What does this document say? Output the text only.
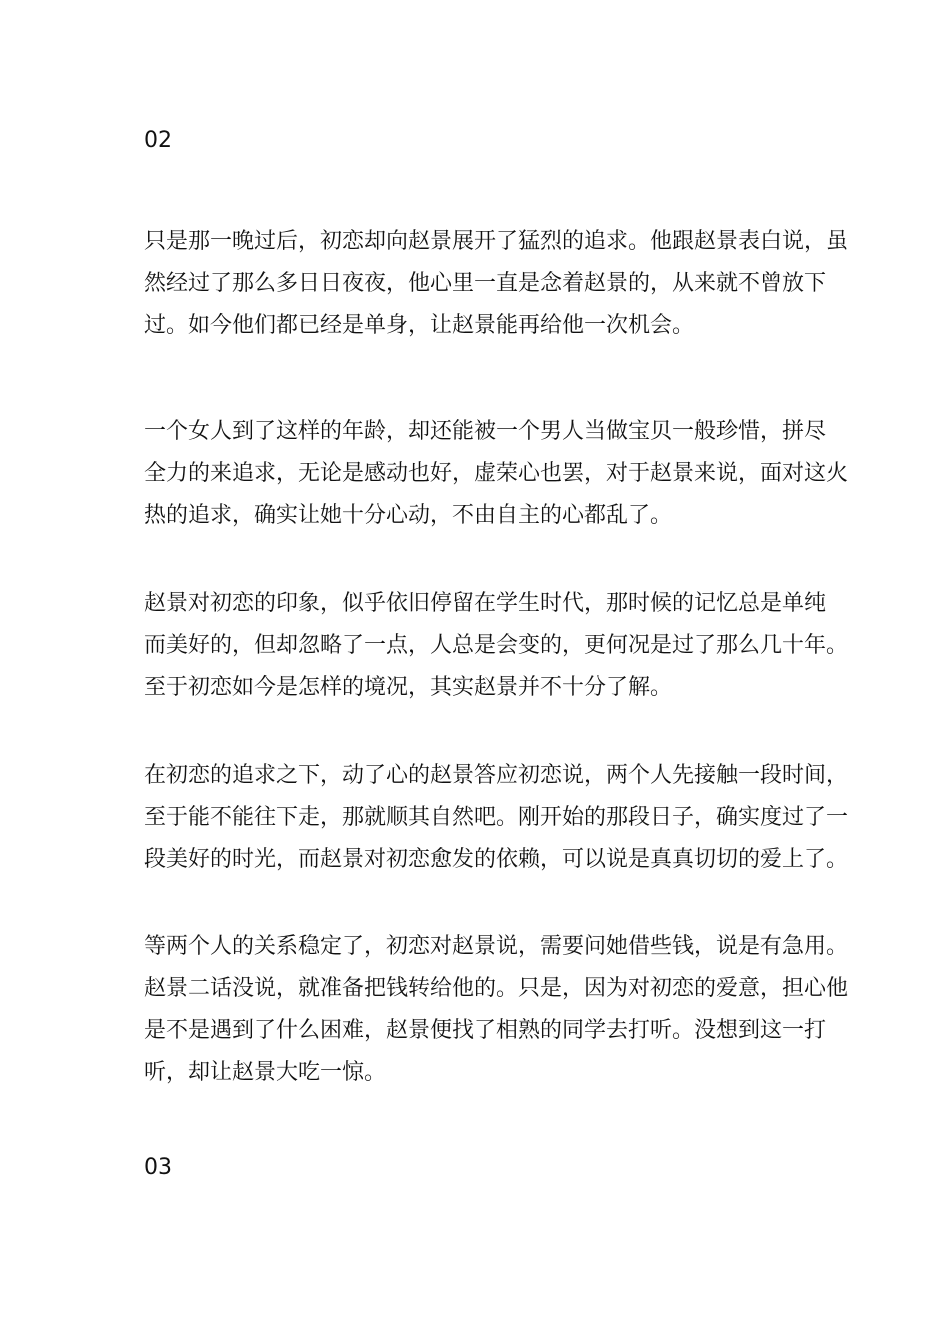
02
只是那一晚过后，初恋却向赵景展开了猛烈的追求。他跟赵景表白说，虽
然经过了那么多日日夜夜，他心里一直是念着赵景的，从来就不曾放下
过。如今他们都已经是单身，让赵景能再给他一次机会。
一个女人到了这样的年龄，却还能被一个男人当做宝贝一般珍惜，拼尽
全力的来追求，无论是感动也好，虚荣心也罢，对于赵景来说，面对这火
热的追求，确实让她十分心动，不由自主的心都乱了。
赵景对初恋的印象，似乎依旧停留在学生时代，那时候的记忆总是单纯
而美好的，但却忽略了一点，人总是会变的，更何况是过了那么几十年。
至于初恋如今是怎样的境况，其实赵景并不十分了解。
在初恋的追求之下，动了心的赵景答应初恋说，两个人先接触一段时间，
至于能不能往下走，那就顺其自然吧。刚开始的那段日子，确实度过了一
段美好的时光，而赵景对初恋愈发的依赖，可以说是真真切切的爱上了。
等两个人的关系稳定了，初恋对赵景说，需要问她借些钱，说是有急用。
赵景二话没说，就准备把钱转给他的。只是，因为对初恋的爱意，担心他
是不是遇到了什么困难，赵景便找了相熟的同学去打听。没想到这一打
听，却让赵景大吃一惊。
03
